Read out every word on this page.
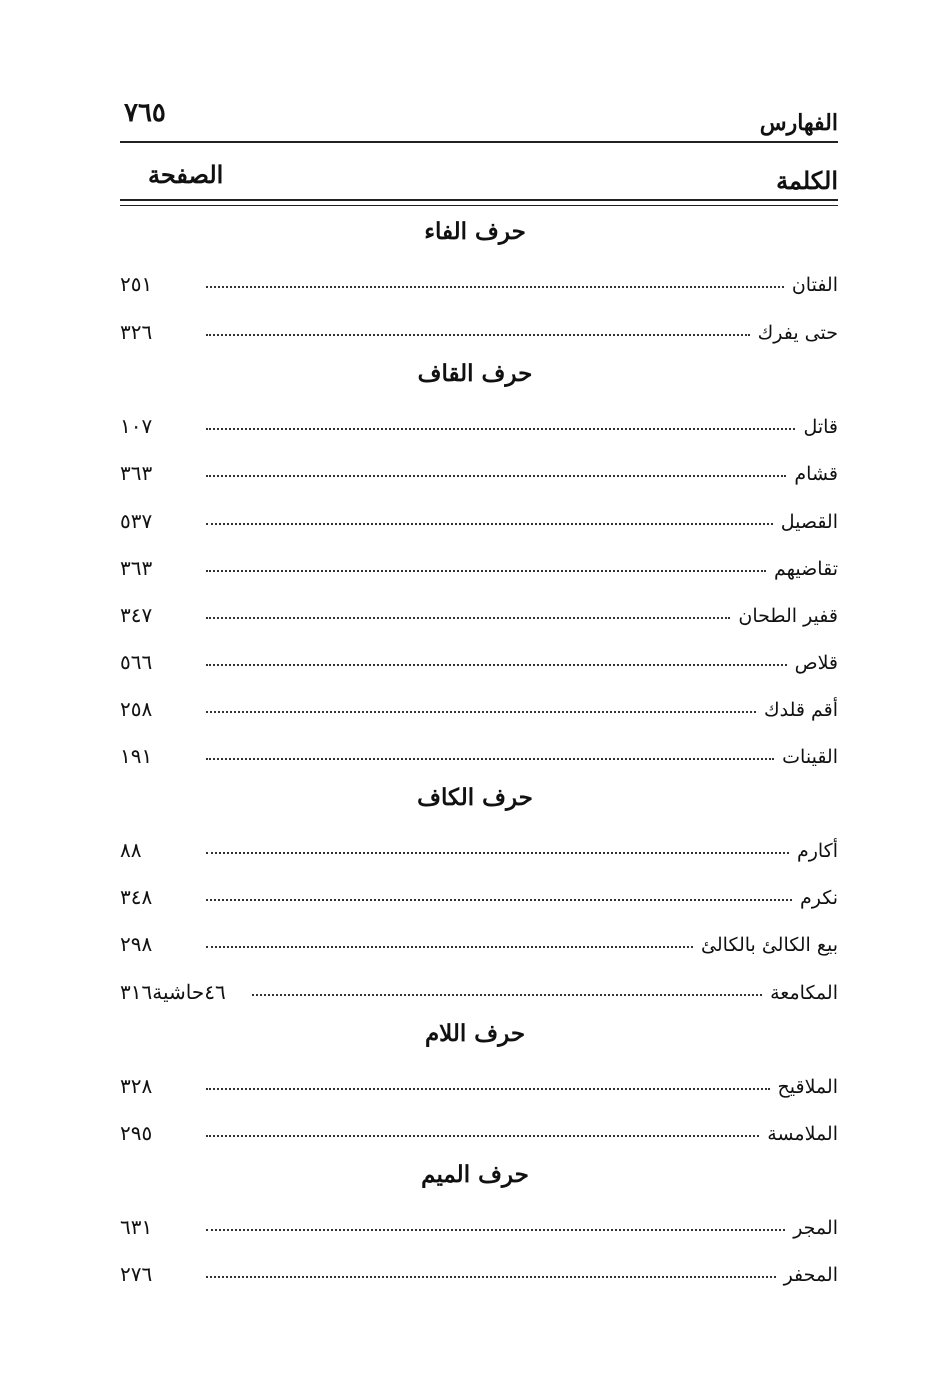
الفهارس
٧٦٥
الكلمة
الصفحة
حرف الفاء
الفتان
٢٥١
حتى يفرك
٣٢٦
حرف القاف
قاتل
١٠٧
قشام
٣٦٣
القصيل
٥٣٧
تقاضيهم
٣٦٣
قفير الطحان
٣٤٧
قلاص
٥٦٦
أقم قلدك
٢٥٨
القينات
١٩١
حرف الكاف
أكارم
٨٨
نكرم
٣٤٨
بيع الكالئ بالكالئ
٢٩٨
المكامعة
٤٦حاشية٣١٦
حرف اللام
الملاقيح
٣٢٨
الملامسة
٢٩٥
حرف الميم
المجر
٦٣١
المحفر
٢٧٦
